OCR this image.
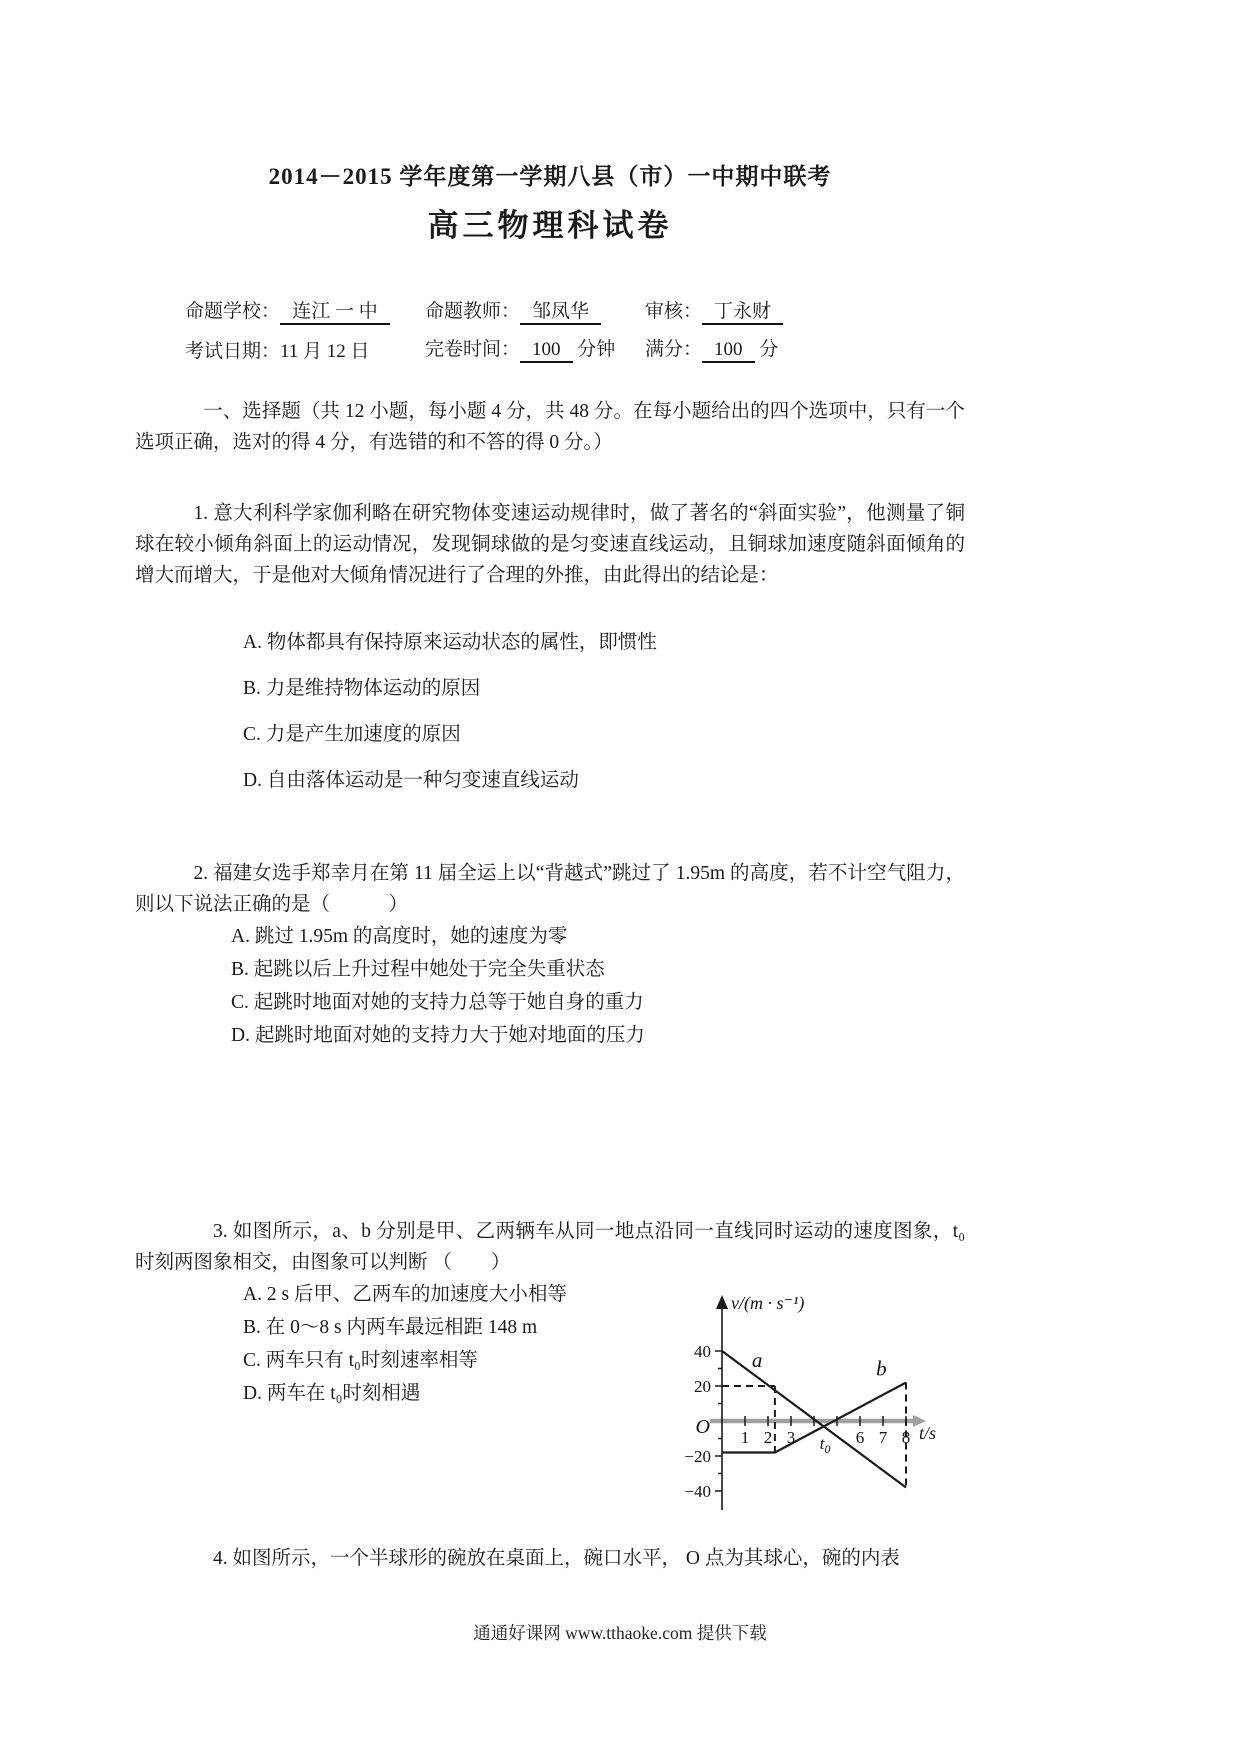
2014－2015 学年度第一学期八县（市）一中期中联考
高三物理科试卷
命题学校： 连江 一 中	命题教师： 邹凤华	审核： 丁永财
考试日期：11 月 12 日	完卷时间： 100 分钟	满分： 100 分

一、选择题（共 12 小题，每小题 4 分，共 48 分。在每小题给出的四个选项中，只有一个选项正确，选对的得 4 分，有选错的和不答的得 0 分。）

1. 意大利科学家伽利略在研究物体变速运动规律时，做了著名的“斜面实验”，他测量了铜球在较小倾角斜面上的运动情况，发现铜球做的是匀变速直线运动，且铜球加速度随斜面倾角的增大而增大，于是他对大倾角情况进行了合理的外推，由此得出的结论是：

A. 物体都具有保持原来运动状态的属性，即惯性

B. 力是维持物体运动的原因

C. 力是产生加速度的原因

D. 自由落体运动是一种匀变速直线运动

2. 福建女选手郑幸月在第 11 届全运上以“背越式”跳过了 1.95m 的高度，若不计空气阻力，则以下说法正确的是（　　　）

A. 跳过 1.95m 的高度时，她的速度为零

B. 起跳以后上升过程中她处于完全失重状态

C. 起跳时地面对她的支持力总等于她自身的重力

D. 起跳时地面对她的支持力大于她对地面的压力

3. 如图所示，a、b 分别是甲、乙两辆车从同一地点沿同一直线同时运动的速度图象，t₀时刻两图象相交，由图象可以判断 （　　）

A. 2 s 后甲、乙两车的加速度大小相等

B. 在 0～8 s 内两车最远相距 148 m

C. 两车只有 t₀时刻速率相等

D. 两车在 t₀时刻相遇

1 2 3	6 7 8
40
20
−20
−40
a	b
$t_0$
v/(m · s⁻¹)
t/s
O

4. 如图所示，一个半球形的碗放在桌面上，碗口水平， O 点为其球心，碗的内表

通通好课网 www.tthaoke.com 提供下载
